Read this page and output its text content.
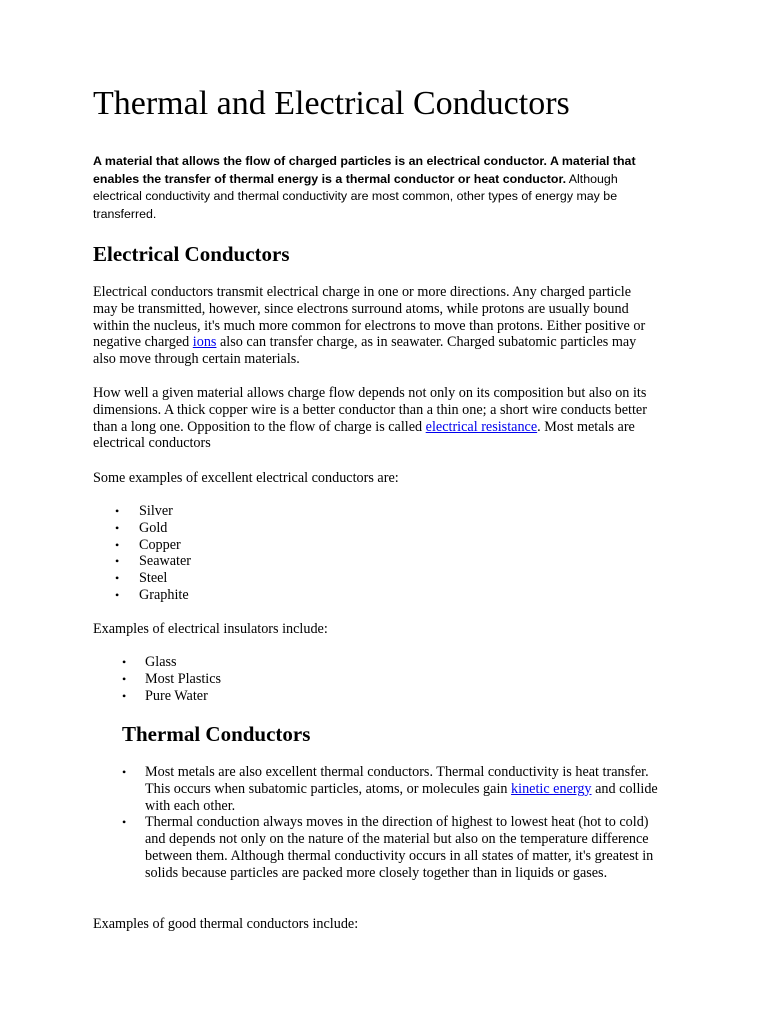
Thermal and Electrical Conductors

A material that allows the flow of charged particles is an electrical conductor. A material that enables the transfer of thermal energy is a thermal conductor or heat conductor. Although electrical conductivity and thermal conductivity are most common, other types of energy may be transferred.

Electrical Conductors

Electrical conductors transmit electrical charge in one or more directions. Any charged particle may be transmitted, however, since electrons surround atoms, while protons are usually bound within the nucleus, it's much more common for electrons to move than protons. Either positive or negative charged ions also can transfer charge, as in seawater. Charged subatomic particles may also move through certain materials.

How well a given material allows charge flow depends not only on its composition but also on its dimensions. A thick copper wire is a better conductor than a thin one; a short wire conducts better than a long one. Opposition to the flow of charge is called electrical resistance. Most metals are electrical conductors

Some examples of excellent electrical conductors are:

• Silver
• Gold
• Copper
• Seawater
• Steel
• Graphite

Examples of electrical insulators include:

• Glass
• Most Plastics
• Pure Water
Thermal Conductors
• Most metals are also excellent thermal conductors. Thermal conductivity is heat transfer. This occurs when subatomic particles, atoms, or molecules gain kinetic energy and collide with each other.
• Thermal conduction always moves in the direction of highest to lowest heat (hot to cold) and depends not only on the nature of the material but also on the temperature difference between them. Although thermal conductivity occurs in all states of matter, it's greatest in solids because particles are packed more closely together than in liquids or gases.

Examples of good thermal conductors include:
